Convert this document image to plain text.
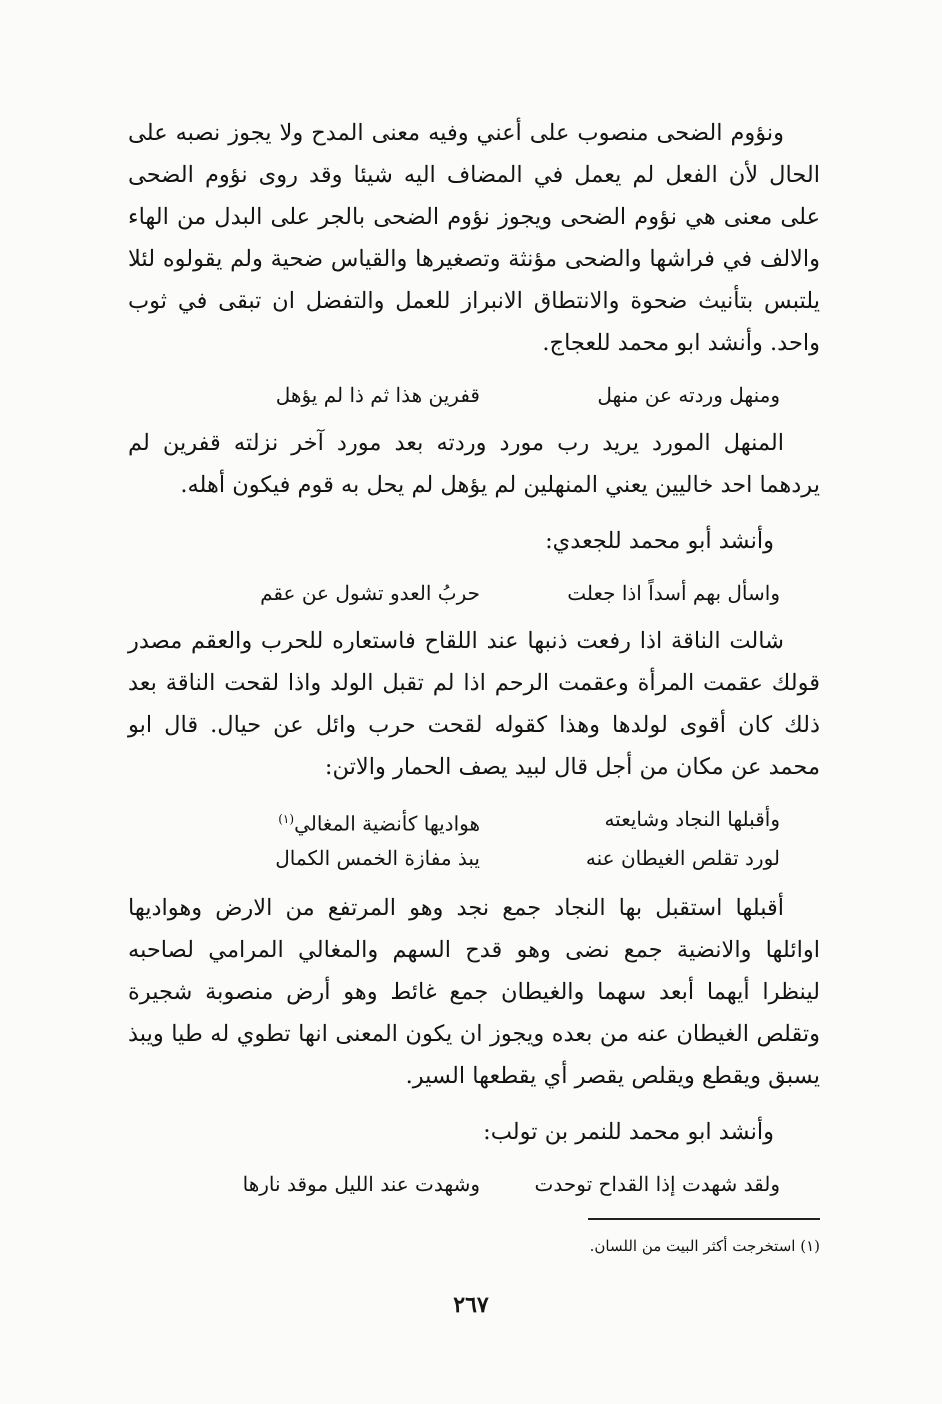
ونؤوم الضحى منصوب على أعني وفيه معنى المدح ولا يجوز نصبه على الحال لأن الفعل لم يعمل في المضاف اليه شيئا وقد روى نؤوم الضحى على معنى هي نؤوم الضحى ويجوز نؤوم الضحى بالجر على البدل من الهاء والالف في فراشها والضحى مؤنثة وتصغيرها والقياس ضحية ولم يقولوه لئلا يلتبس بتأنيث ضحوة والانتطاق الانبراز للعمل والتفضل ان تبقى في ثوب واحد. وأنشد ابو محمد للعجاج.

ومنهل وردته عن منهل
قفرين هذا ثم ذا لم يؤهل

المنهل المورد يريد رب مورد وردته بعد مورد آخر نزلته قفرين لم يردهما احد خاليين يعني المنهلين لم يؤهل لم يحل به قوم فيكون أهله.

وأنشد أبو محمد للجعدي:

واسأل بهم أسداً اذا جعلت
حربُ العدو تشول عن عقم

شالت الناقة اذا رفعت ذنبها عند اللقاح فاستعاره للحرب والعقم مصدر قولك عقمت المرأة وعقمت الرحم اذا لم تقبل الولد واذا لقحت الناقة بعد ذلك كان أقوى لولدها وهذا كقوله لقحت حرب وائل عن حيال. قال ابو محمد عن مكان من أجل قال لبيد يصف الحمار والاتن:

وأقبلها النجاد وشايعته
هواديها كأنضية المغالي$^{(١)}$
لورد تقلص الغيطان عنه
يبذ مفازة الخمس الكمال

أقبلها استقبل بها النجاد جمع نجد وهو المرتفع من الارض وهواديها اوائلها والانضية جمع نضى وهو قدح السهم والمغالي المرامي لصاحبه لينظرا أيهما أبعد سهما والغيطان جمع غائط وهو أرض منصوبة شجيرة وتقلص الغيطان عنه من بعده ويجوز ان يكون المعنى انها تطوي له طيا ويبذ يسبق ويقطع ويقلص يقصر أي يقطعها السير.

وأنشد ابو محمد للنمر بن تولب:

ولقد شهدت إذا القداح توحدت
وشهدت عند الليل موقد نارها
(١) استخرجت أكثر البيت من اللسان.
٢٦٧
